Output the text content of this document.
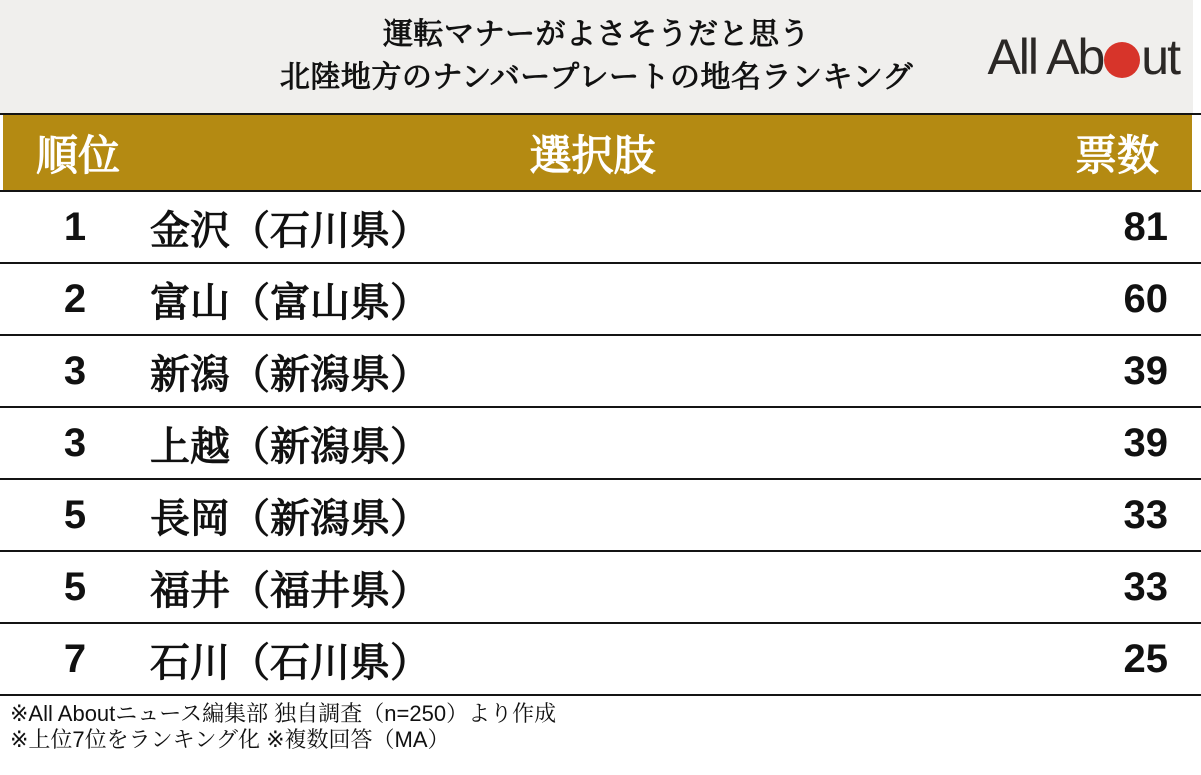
運転マナーがよさそうだと思う
北陸地方のナンバープレートの地名ランキング All Ab ut
順位	選択肢	票数
1	金沢（石川県）	81
2	富山（富山県）	60
3	新潟（新潟県）	39
3	上越（新潟県）	39
5	長岡（新潟県）	33
5	福井（福井県）	33
7	石川（石川県）	25
※All Aboutニュース編集部 独自調査（n=250）より作成
※上位7位をランキング化 ※複数回答（MA）
